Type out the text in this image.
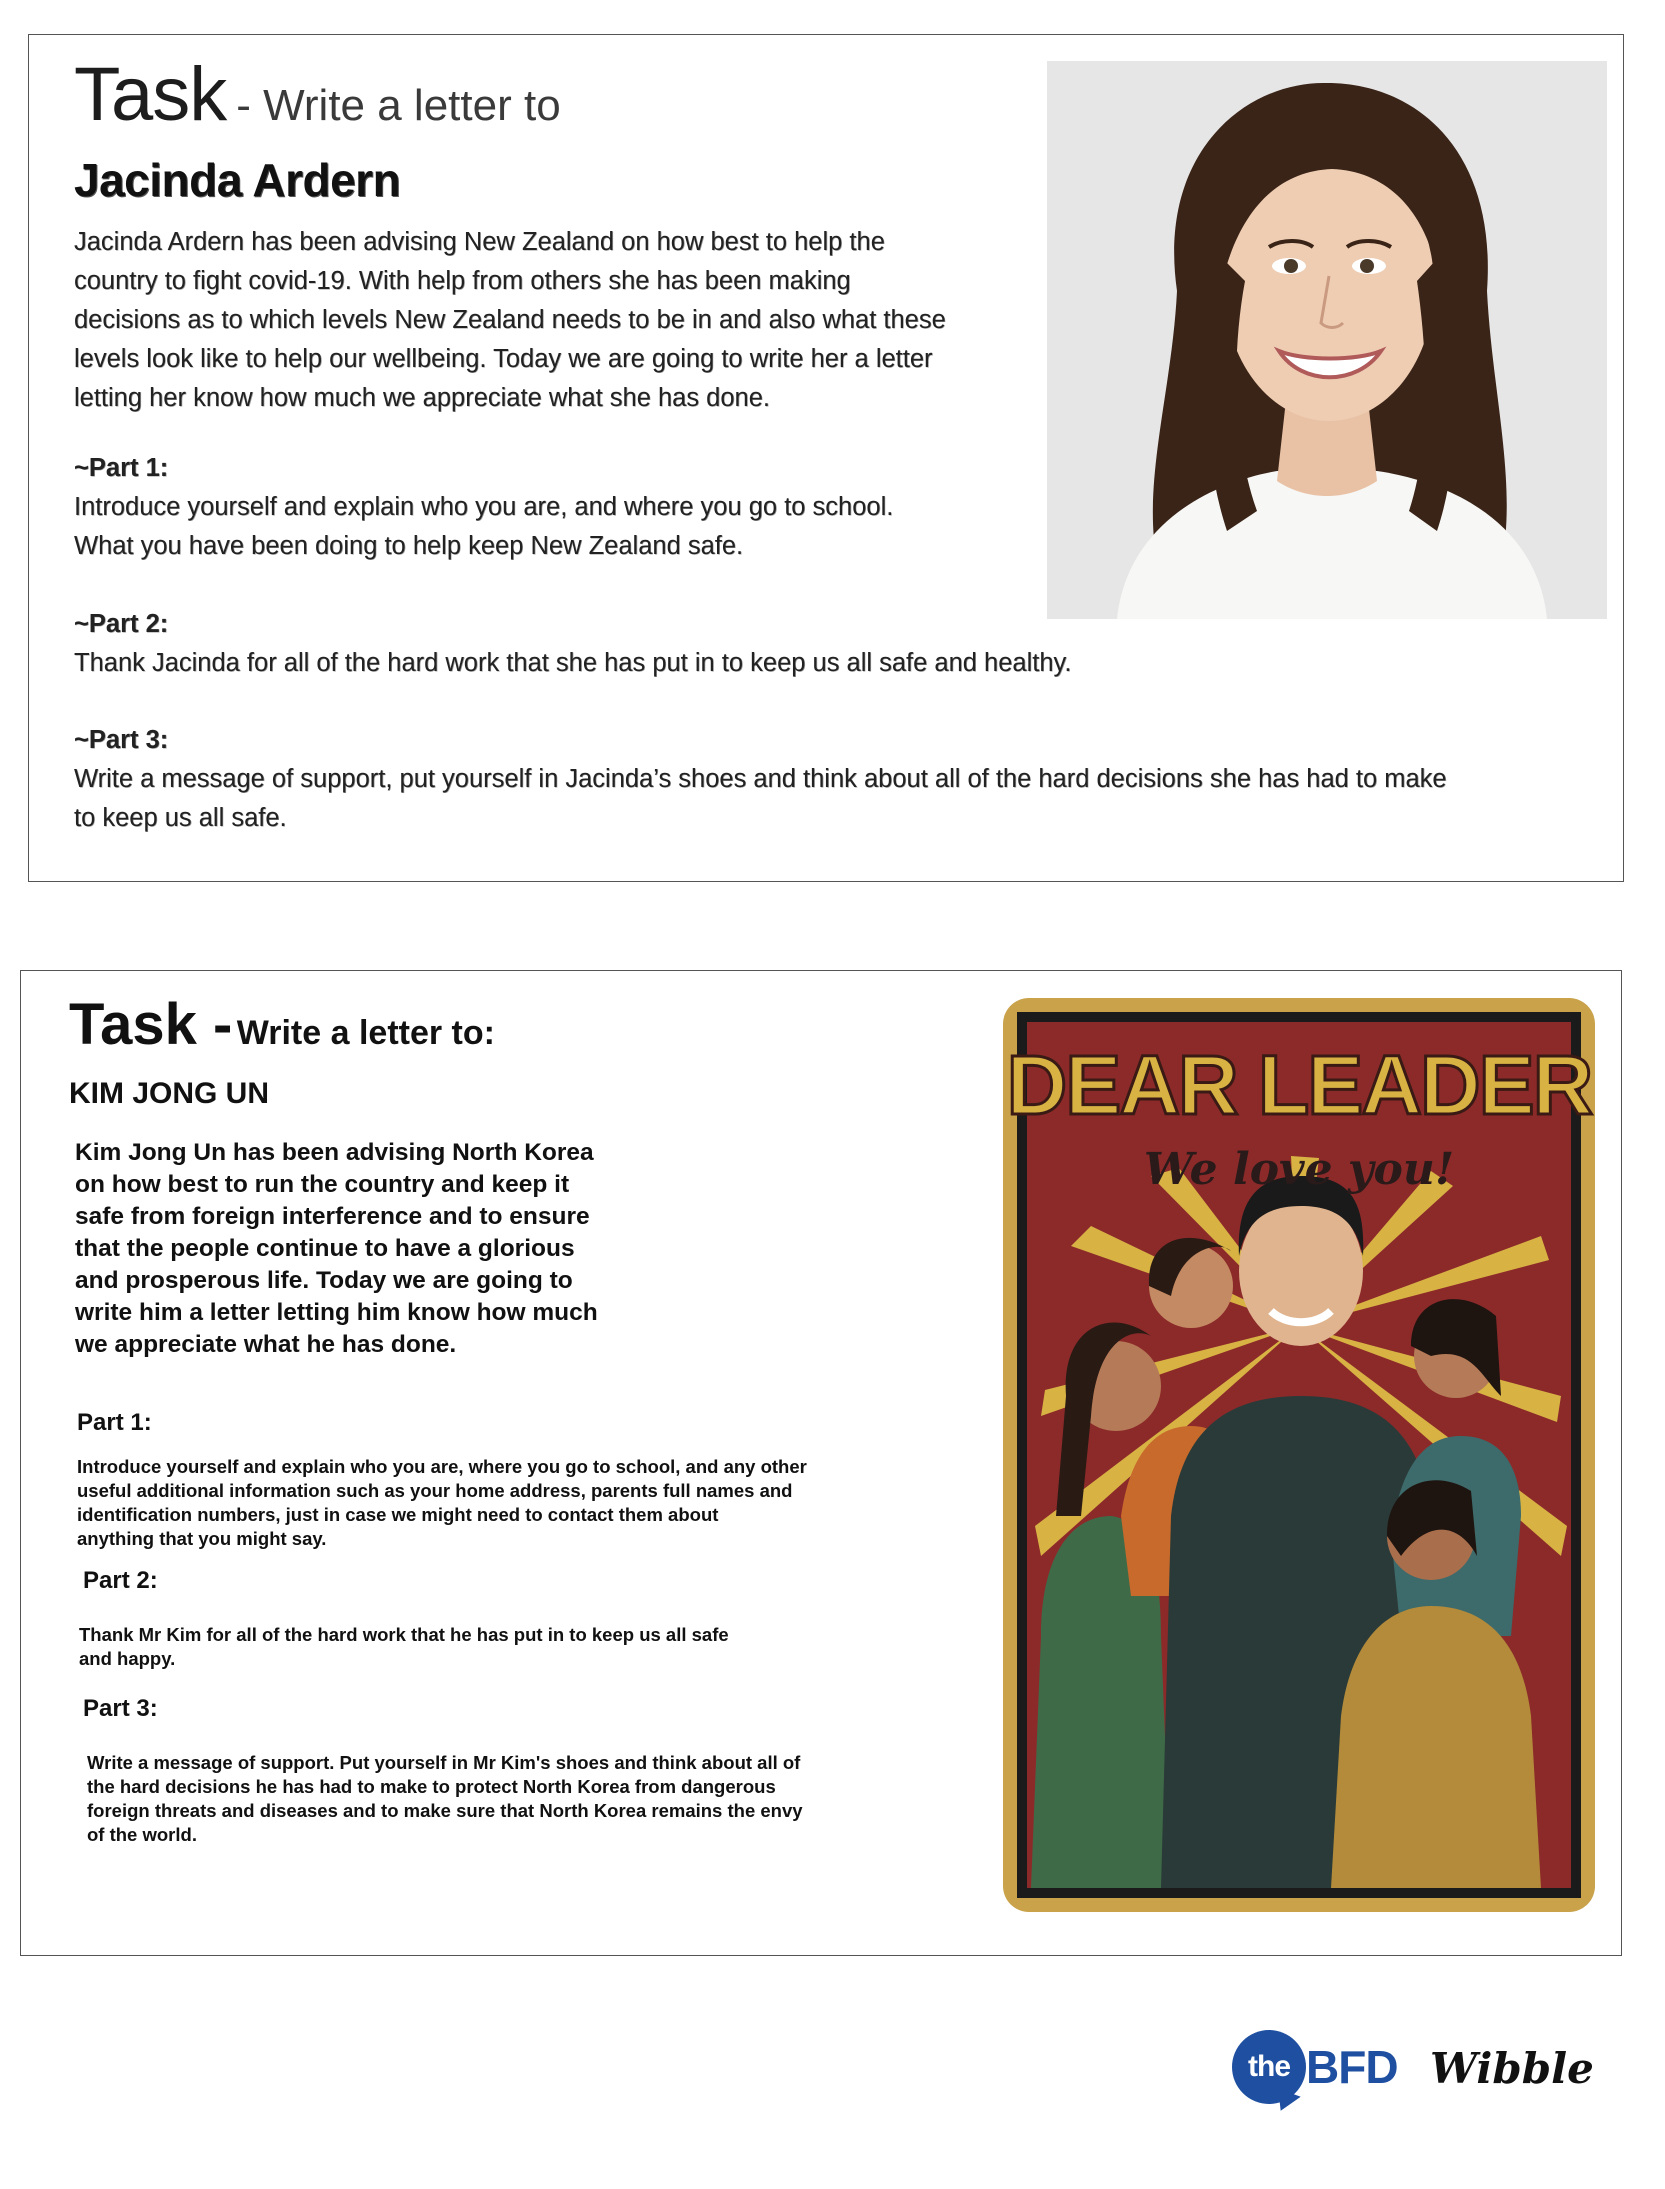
Task - Write a letter to
Jacinda Ardern
Jacinda Ardern has been advising New Zealand on how best to help the
country to fight covid-19. With help from others she has been making
decisions as to which levels New Zealand needs to be in and also what these
levels look like to help our wellbeing. Today we are going to write her a letter
letting her know how much we appreciate what she has done.
~Part 1:
Introduce yourself and explain who you are, and where you go to school.
What you have been doing to help keep New Zealand safe.
~Part 2:
Thank Jacinda for all of the hard work that she has put in to keep us all safe and healthy.
~Part 3:
Write a message of support, put yourself in Jacinda’s shoes and think about all of the hard decisions she has had to make
to keep us all safe.
Task - Write a letter to:
KIM JONG UN
Kim Jong Un has been advising North Korea
on how best to run the country and keep it
safe from foreign interference and to ensure
that the people continue to have a glorious
and prosperous life. Today we are going to
write him a letter letting him know how much
we appreciate what he has done.
Part 1:
Introduce yourself and explain who you are, where you go to school, and any other
useful additional information such as your home address, parents full names and
identification numbers, just in case we might need to contact them about
anything that you might say.
Part 2:
Thank Mr Kim for all of the hard work that he has put in to keep us all safe
and happy.
Part 3:
Write a message of support. Put yourself in Mr Kim's shoes and think about all of
the hard decisions he has had to make to protect North Korea from dangerous
foreign threats and diseases and to make sure that North Korea remains the envy
of the world.
DEAR LEADER
We love you!
the BFD Wibble
